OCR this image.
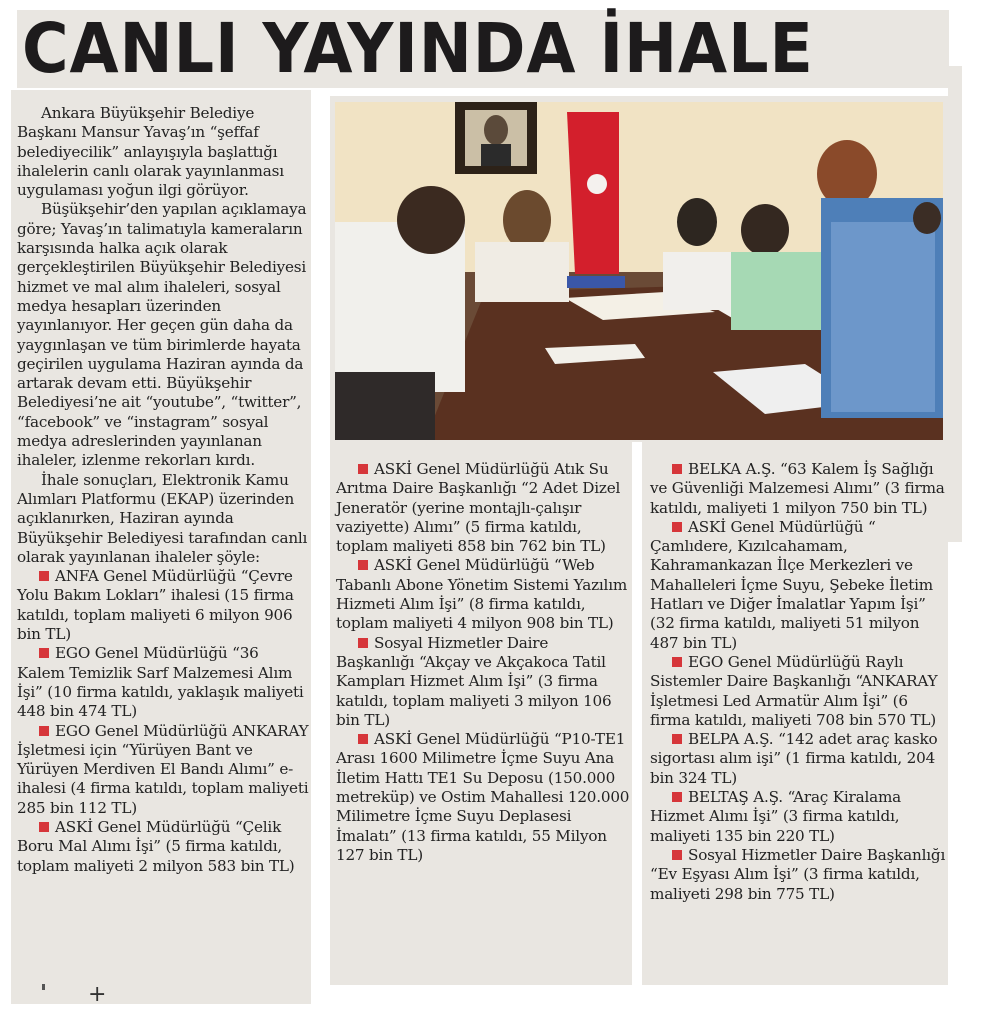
CANLI YAYINDA İHALE

Ankara Büyükşehir Belediye Başkanı Mansur Yavaş’ın “şeffaf belediyecilik” anlayışıyla başlattığı ihalelerin canlı olarak yayınlanması uygulaması yoğun ilgi görüyor.

Büşükşehir’den yapılan açıklamaya göre; Yavaş’ın talimatıyla kameraların karşısında halka açık olarak gerçekleştirilen Büyükşehir Belediyesi hizmet ve mal alım ihaleleri, sosyal medya hesapları üzerinden yayınlanıyor. Her geçen gün daha da yaygınlaşan ve tüm birimlerde hayata geçirilen uygulama Haziran ayında da artarak devam etti. Büyükşehir Belediyesi’ne ait “youtube”, “twitter”, “facebook” ve “instagram” sosyal medya adreslerinden yayınlanan ihaleler, izlenme rekorları kırdı.

İhale sonuçları, Elektronik Kamu Alımları Platformu (EKAP) üzerinden açıklanırken, Haziran ayında Büyükşehir Belediyesi tarafından canlı olarak yayınlanan ihaleler şöyle:

ANFA Genel Müdürlüğü “Çevre Yolu Bakım Lokları” ihalesi (15 firma katıldı, toplam maliyeti 6 milyon 906 bin TL)
EGO Genel Müdürlüğü “36 Kalem Temizlik Sarf Malzemesi Alım İşi” (10 firma katıldı, yaklaşık maliyeti 448 bin 474 TL)
EGO Genel Müdürlüğü ANKARAY İşletmesi için “Yürüyen Bant ve Yürüyen Merdiven El Bandı Alımı” e-ihalesi (4 firma katıldı, toplam maliyeti 285 bin 112 TL)
ASKİ Genel Müdürlüğü “Çelik Boru Mal Alımı İşi” (5 firma katıldı, toplam maliyeti 2 milyon 583 bin TL)
ASKİ Genel Müdürlüğü Atık Su Arıtma Daire Başkanlığı “2 Adet Dizel Jeneratör (yerine montajlı-çalışır vaziyette) Alımı” (5 firma katıldı, toplam maliyeti 858 bin 762 bin TL)
ASKİ Genel Müdürlüğü “Web Tabanlı Abone Yönetim Sistemi Yazılım Hizmeti Alım İşi” (8 firma katıldı, toplam maliyeti 4 milyon 908 bin TL)
Sosyal Hizmetler Daire Başkanlığı “Akçay ve Akçakoca Tatil Kampları Hizmet Alım İşi” (3 firma katıldı, toplam maliyeti 3 milyon 106 bin TL)
ASKİ Genel Müdürlüğü “P10-TE1 Arası 1600 Milimetre İçme Suyu Ana İletim Hattı TE1 Su Deposu (150.000 metreküp) ve Ostim Mahallesi 120.000 Milimetre İçme Suyu Deplasesi İmalatı” (13 firma katıldı, 55 Milyon 127 bin TL)
BELKA A.Ş. “63 Kalem İş Sağlığı ve Güvenliği Malzemesi Alımı” (3 firma katıldı, maliyeti 1 milyon 750 bin TL)
ASKİ Genel Müdürlüğü “ Çamlıdere, Kızılcahamam, Kahramankazan İlçe Merkezleri ve Mahalleleri İçme Suyu, Şebeke İletim Hatları ve Diğer İmalatlar Yapım İşi” (32 firma katıldı, maliyeti 51 milyon 487 bin TL)
EGO Genel Müdürlüğü Raylı Sistemler Daire Başkanlığı “ANKARAY İşletmesi Led Armatür Alım İşi” (6 firma katıldı, maliyeti 708 bin 570 TL)
BELPA A.Ş. “142 adet araç kasko sigortası alım işi” (1 firma katıldı, 204 bin 324 TL)
BELTAŞ A.Ş. “Araç Kiralama Hizmet Alımı İşi” (3 firma katıldı, maliyeti 135 bin 220 TL)
Sosyal Hizmetler Daire Başkanlığı “Ev Eşyası Alım İşi” (3 firma katıldı, maliyeti 298 bin 775 TL)
+
